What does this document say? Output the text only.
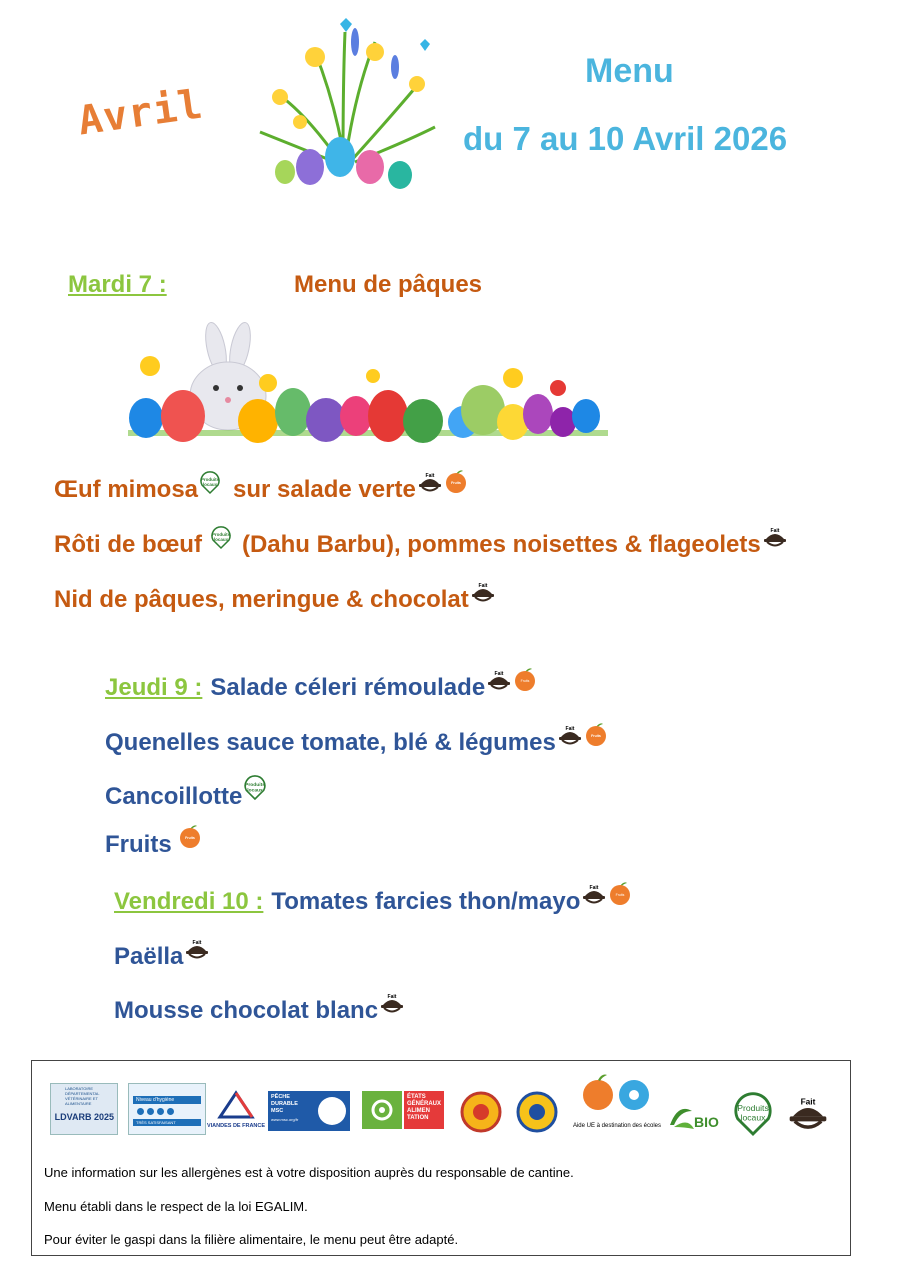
Avril
Menu
du 7 au 10 Avril 2026
Mardi 7 :	Menu de pâques
Œuf mimosa Produits
locaux sur salade verte Fait
Fruits
Rôti de bœuf Produits
locaux (Dahu Barbu), pommes noisettes & flageolets Fait
Nid de pâques, meringue & chocolat Fait
Jeudi 9 : Salade céleri rémoulade Fait
Fruits
Quenelles sauce tomate, blé & légumes Fait
Fruits
Cancoillotte Produits
locaux
Fruits	Fruits
Vendredi 10 : Tomates farcies thon/mayo Fait
Fruits
Paëlla Fait
Mousse chocolat blanc Fait
LABORATOIRE DÉPARTEMENTAL VÉTÉRINAIRE ET ALIMENTAIRE
LDVARB 2025
Niveau d'hygiène
TRÈS SATISFAISANT
VIANDES DE FRANCE
PÊCHE DURABLE MSC
www.msc.org/fr
ÉTATS GÉNÉRAUX ALIMEN TATION
Aide UE à destination des écoles BIO
Produits
locaux
Fait
Une information sur les allergènes est à votre disposition auprès du responsable de cantine.
Menu établi dans le respect de la loi EGALIM.
Pour éviter le gaspi dans la filière alimentaire, le menu peut être adapté.
